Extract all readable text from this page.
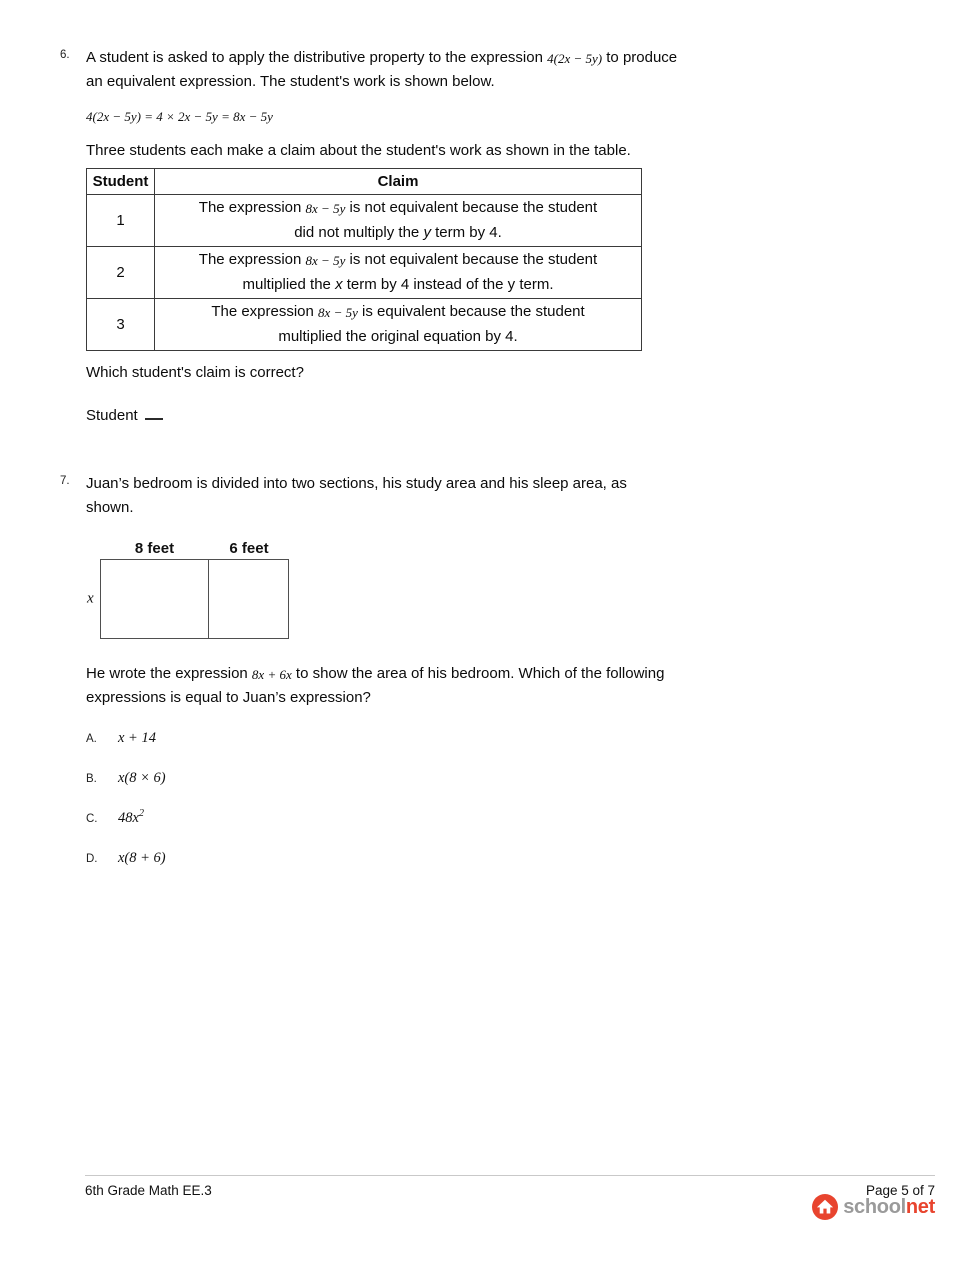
6.	A student is asked to apply the distributive property to the expression 4(2x − 5y) to produce
an equivalent expression. The student's work is shown below.

4(2x − 5y) = 4 × 2x − 5y = 8x − 5y

Three students each make a claim about the student's work as shown in the table.

Student	Claim
1	The expression 8x − 5y is not equivalent because the student
did not multiply the y term by 4.
2	The expression 8x − 5y is not equivalent because the student
multiplied the x term by 4 instead of the y term.
3	The expression 8x − 5y is equivalent because the student
multiplied the original equation by 4.

Which student's claim is correct?

Student

7.	Juan’s bedroom is divided into two sections, his study area and his sleep area, as
shown.

8 feet	6 feet
x

He wrote the expression 8x + 6x to show the area of his bedroom. Which of the following
expressions is equal to Juan’s expression?

A.	x + 14
B.	x(8 × 6)
C.	$48x^2$
D.	x(8 + 6)
6th Grade Math EE.3	Page 5 of 7
schoolnet
